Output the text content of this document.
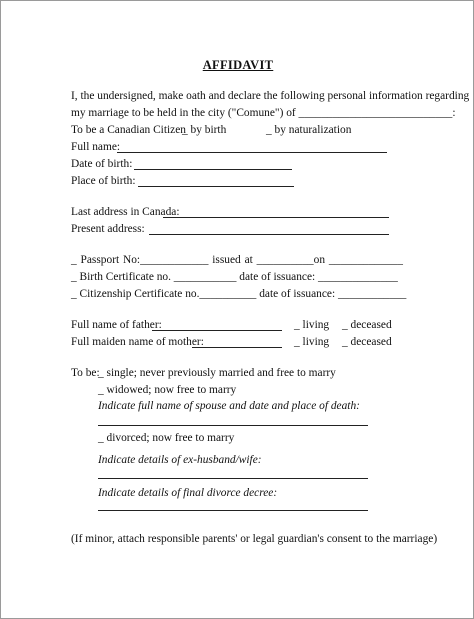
AFFIDAVIT
I, the undersigned, make oath and declare the following personal information regarding
my marriage to be held in the city ("Comune") of ___________________________:
To be a Canadian Citizen
_ by birth	_ by naturalization
Full name:
Date of birth:
Place of birth:
Last address in Canada:
Present address:
_ Passport No:____________ issued at __________on _____________
_ Birth Certificate no. ___________ date of issuance: ______________
_ Citizenship Certificate no.__________ date of issuance: ____________
Full name of father:	_ living _ deceased
Full maiden name of mother:	_ living _ deceased
To be:
_ single; never previously married and free to marry
_ widowed; now free to marry
Indicate full name of spouse and date and place of death:
_ divorced; now free to marry
Indicate details of ex-husband/wife:
Indicate details of final divorce decree:
(If minor, attach responsible parents' or legal guardian's consent to the marriage)
